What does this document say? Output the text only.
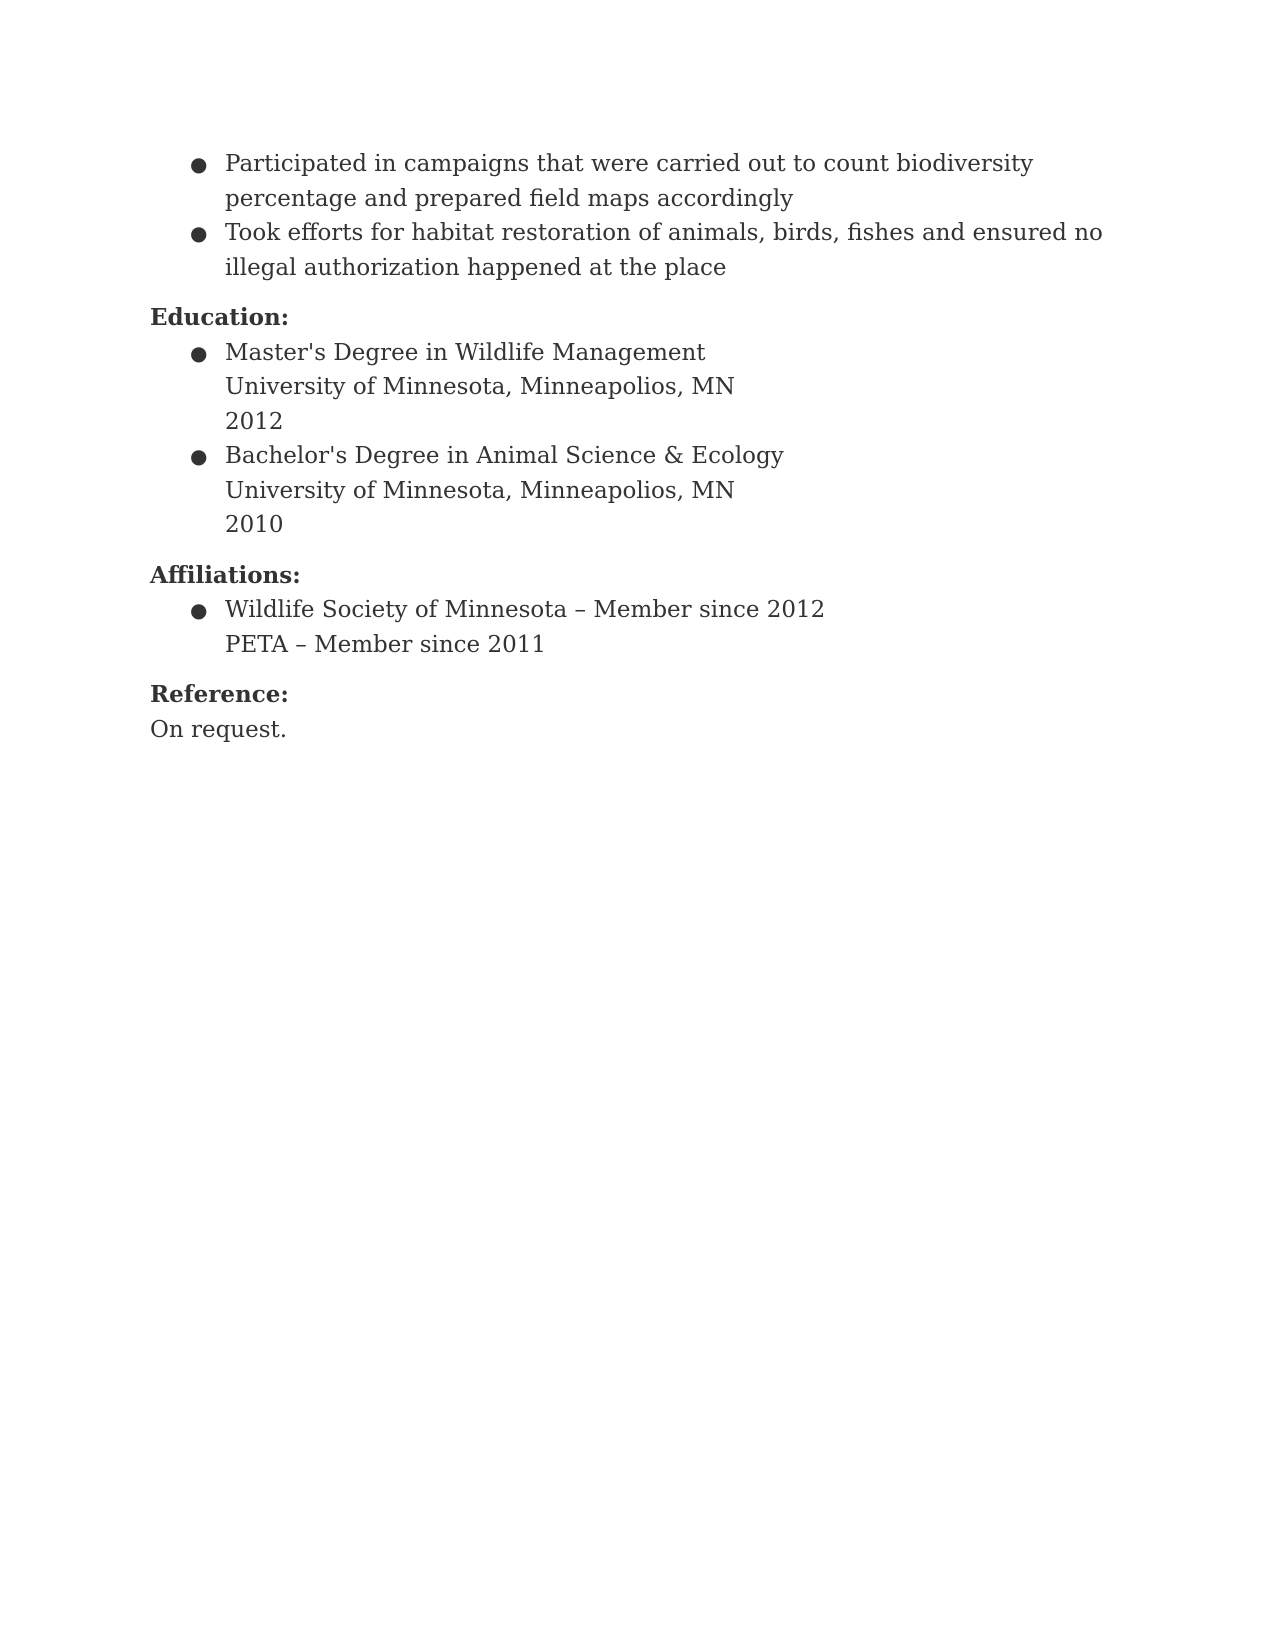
● Participated in campaigns that were carried out to count biodiversity percentage and prepared field maps accordingly
● Took efforts for habitat restoration of animals, birds, fishes and ensured no illegal authorization happened at the place
Education:
● Master's Degree in Wildlife Management
University of Minnesota, Minneapolios, MN
2012
● Bachelor's Degree in Animal Science & Ecology
University of Minnesota, Minneapolios, MN
2010
Affiliations:
● Wildlife Society of Minnesota – Member since 2012
PETA – Member since 2011
Reference:
On request.
